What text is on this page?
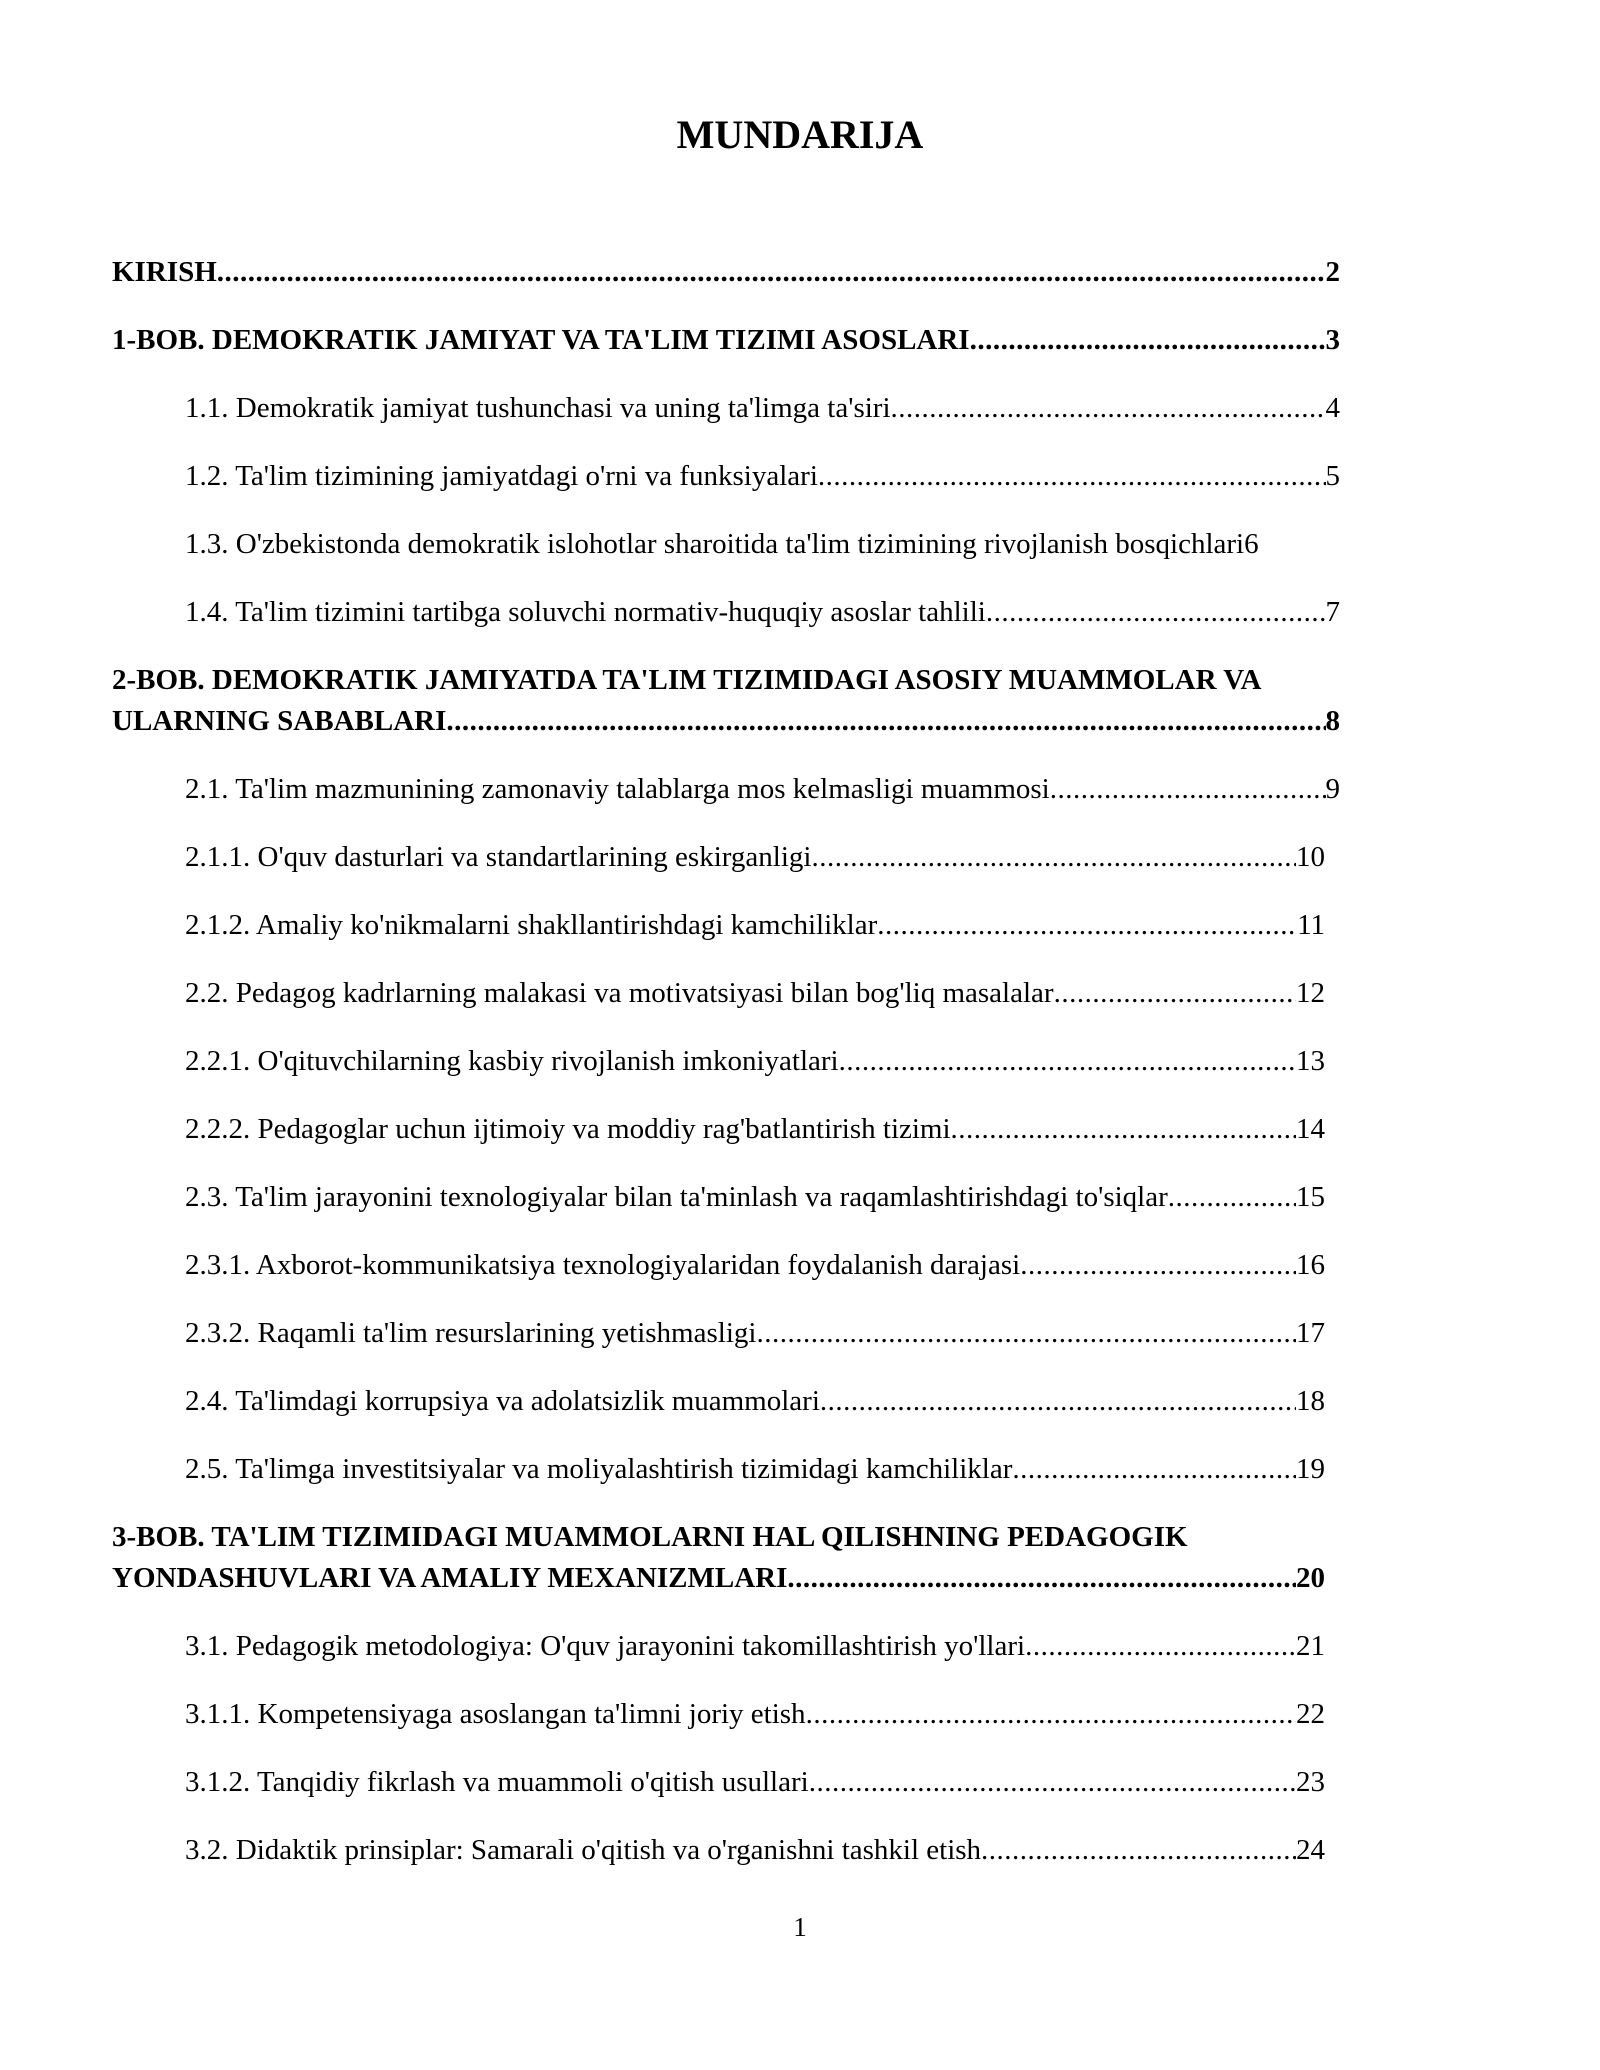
MUNDARIJA
KIRISH .....	2
1-BOB. DEMOKRATIK JAMIYAT VA TA'LIM TIZIMI ASOSLARI .....	3
1.1. Demokratik jamiyat tushunchasi va uning ta'limga ta'siri .....	4
1.2. Ta'lim tizimining jamiyatdagi o'rni va funksiyalari .....	5
1.3. O'zbekistonda demokratik islohotlar sharoitida ta'lim tizimining rivojlanish bosqichlari 6
1.4. Ta'lim tizimini tartibga soluvchi normativ-huquqiy asoslar tahlili .....	7
2-BOB. DEMOKRATIK JAMIYATDA TA'LIM TIZIMIDAGI ASOSIY MUAMMOLAR VA
ULARNING SABABLARI .....	8
2.1. Ta'lim mazmunining zamonaviy talablarga mos kelmasligi muammosi .....	9
2.1.1. O'quv dasturlari va standartlarining eskirganligi .....	10
2.1.2. Amaliy ko'nikmalarni shakllantirishdagi kamchiliklar .....	11
2.2. Pedagog kadrlarning malakasi va motivatsiyasi bilan bog'liq masalalar .....	12
2.2.1. O'qituvchilarning kasbiy rivojlanish imkoniyatlari .....	13
2.2.2. Pedagoglar uchun ijtimoiy va moddiy rag'batlantirish tizimi .....	14
2.3. Ta'lim jarayonini texnologiyalar bilan ta'minlash va raqamlashtirishdagi to'siqlar .....	15
2.3.1. Axborot-kommunikatsiya texnologiyalaridan foydalanish darajasi .....	16
2.3.2. Raqamli ta'lim resurslarining yetishmasligi .....	17
2.4. Ta'limdagi korrupsiya va adolatsizlik muammolari .....	18
2.5. Ta'limga investitsiyalar va moliyalashtirish tizimidagi kamchiliklar .....	19
3-BOB. TA'LIM TIZIMIDAGI MUAMMOLARNI HAL QILISHNING PEDAGOGIK
YONDASHUVLARI VA AMALIY MEXANIZMLARI .....	20
3.1. Pedagogik metodologiya: O'quv jarayonini takomillashtirish yo'llari .....	21
3.1.1. Kompetensiyaga asoslangan ta'limni joriy etish .....	22
3.1.2. Tanqidiy fikrlash va muammoli o'qitish usullari .....	23
3.2. Didaktik prinsiplar: Samarali o'qitish va o'rganishni tashkil etish .....	24
1
